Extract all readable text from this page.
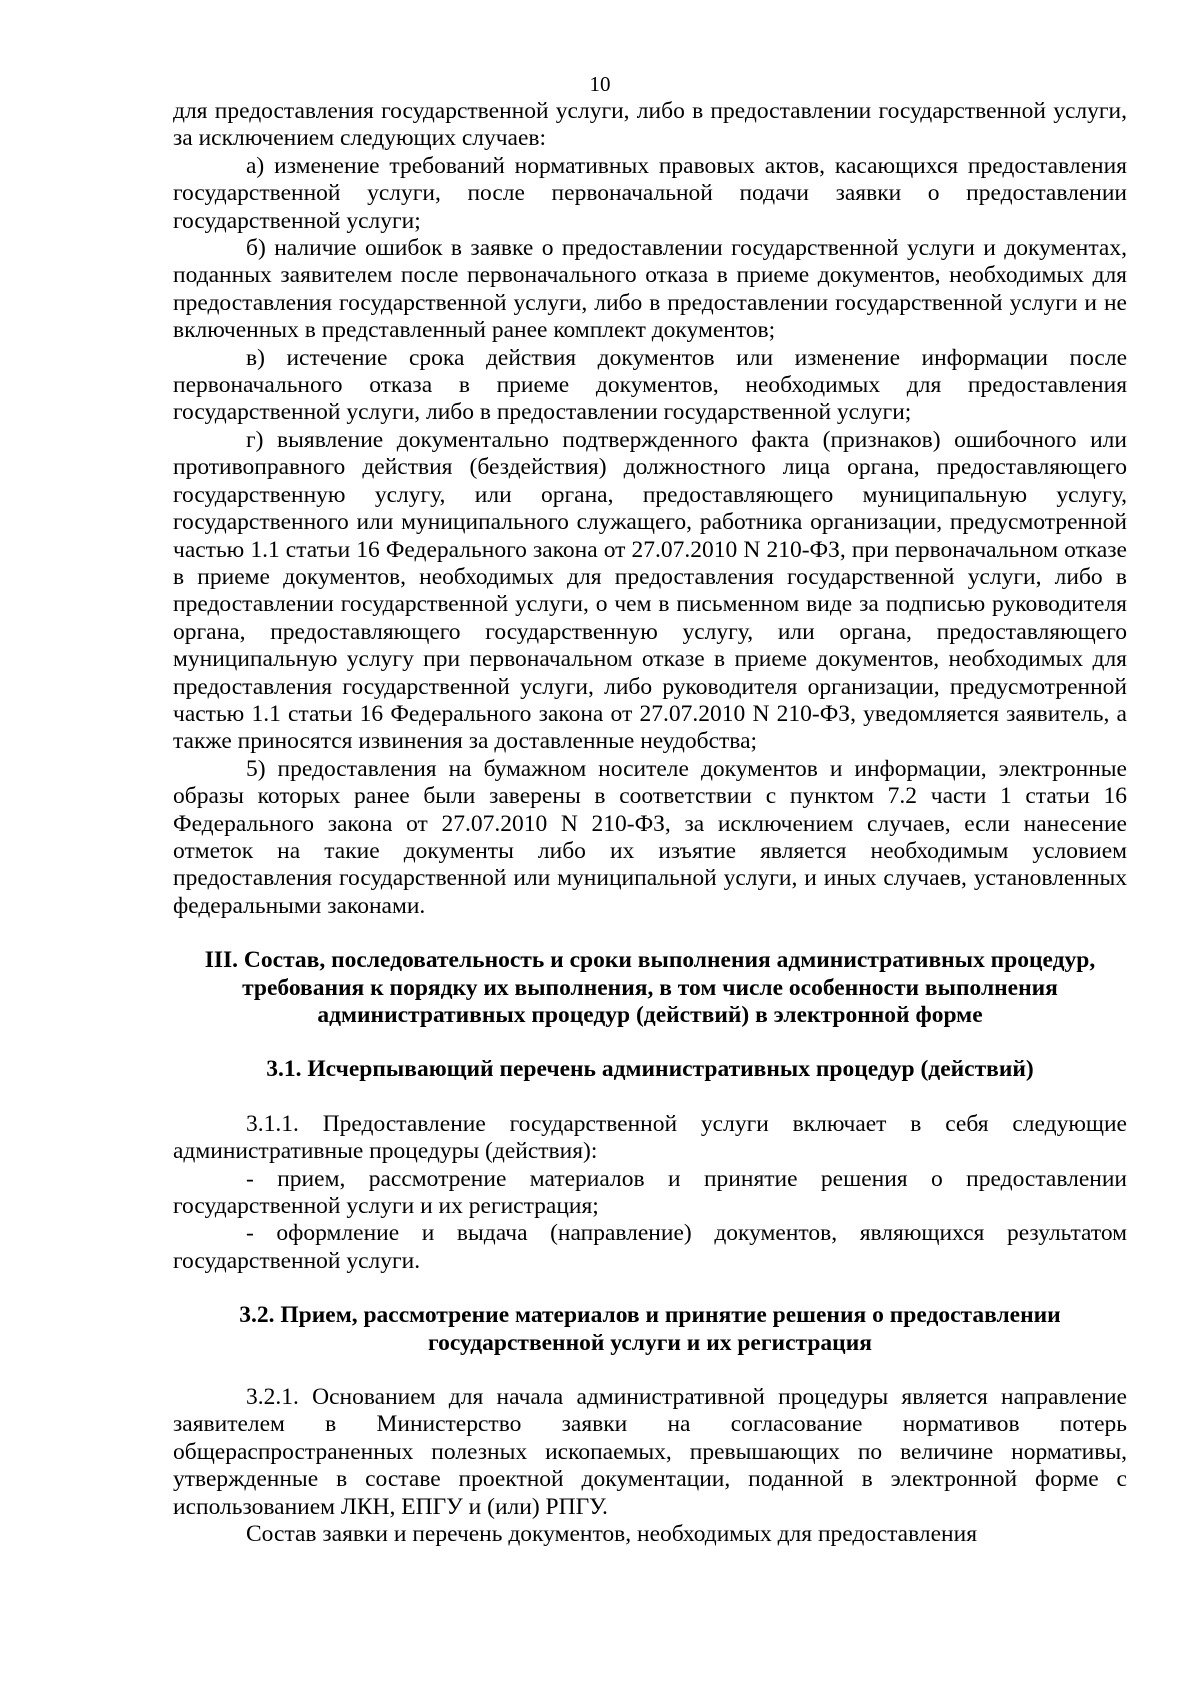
10

для предоставления государственной услуги, либо в предоставлении государственной услуги, за исключением следующих случаев:

а) изменение требований нормативных правовых актов, касающихся предоставления государственной услуги, после первоначальной подачи заявки о предоставлении государственной услуги;

б) наличие ошибок в заявке о предоставлении государственной услуги и документах, поданных заявителем после первоначального отказа в приеме документов, необходимых для предоставления государственной услуги, либо в предоставлении государственной услуги и не включенных в представленный ранее комплект документов;

в) истечение срока действия документов или изменение информации после первоначального отказа в приеме документов, необходимых для предоставления государственной услуги, либо в предоставлении государственной услуги;

г) выявление документально подтвержденного факта (признаков) ошибочного или противоправного действия (бездействия) должностного лица органа, предоставляющего государственную услугу, или органа, предоставляющего муниципальную услугу, государственного или муниципального служащего, работника организации, предусмотренной частью 1.1 статьи 16 Федерального закона от 27.07.2010 N 210-ФЗ, при первоначальном отказе в приеме документов, необходимых для предоставления государственной услуги, либо в предоставлении государственной услуги, о чем в письменном виде за подписью руководителя органа, предоставляющего государственную услугу, или органа, предоставляющего муниципальную услугу при первоначальном отказе в приеме документов, необходимых для предоставления государственной услуги, либо руководителя организации, предусмотренной частью 1.1 статьи 16 Федерального закона от 27.07.2010 N 210-ФЗ, уведомляется заявитель, а также приносятся извинения за доставленные неудобства;

5) предоставления на бумажном носителе документов и информации, электронные образы которых ранее были заверены в соответствии с пунктом 7.2 части 1 статьи 16 Федерального закона от 27.07.2010 N 210-ФЗ, за исключением случаев, если нанесение отметок на такие документы либо их изъятие является необходимым условием предоставления государственной или муниципальной услуги, и иных случаев, установленных федеральными законами.

III. Состав, последовательность и сроки выполнения административных процедур,
требования к порядку их выполнения, в том числе особенности выполнения
административных процедур (действий) в электронной форме
3.1. Исчерпывающий перечень административных процедур (действий)

3.1.1. Предоставление государственной услуги включает в себя следующие административные процедуры (действия):

- прием, рассмотрение материалов и принятие решения о предоставлении государственной услуги и их регистрация;

- оформление и выдача (направление) документов, являющихся результатом государственной услуги.

3.2. Прием, рассмотрение материалов и принятие решения о предоставлении
государственной услуги и их регистрация

3.2.1. Основанием для начала административной процедуры является направление заявителем в Министерство заявки на согласование нормативов потерь общераспространенных полезных ископаемых, превышающих по величине нормативы, утвержденные в составе проектной документации, поданной в электронной форме с использованием ЛКН, ЕПГУ и (или) РПГУ.

Состав заявки и перечень документов, необходимых для предоставления
